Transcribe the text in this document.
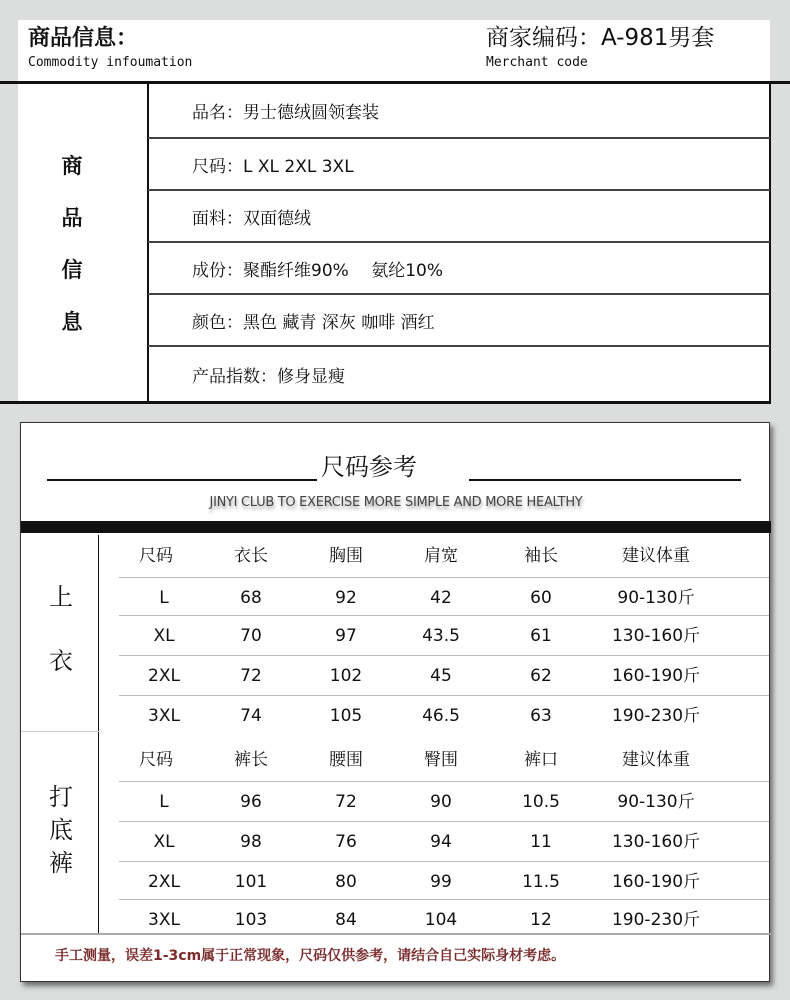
商品信息：
Commodity infoumation
商家编码：A-981男套
Merchant code
商
品
信
息
品名：男士德绒圆领套装
尺码：L XL 2XL 3XL
面料：双面德绒
成份：聚酯纤维90%　 氨纶10%
颜色：黑色 藏青 深灰 咖啡 酒红
产品指数：修身显瘦
尺码参考
JINYI CLUB TO EXERCISE MORE SIMPLE AND MORE HEALTHY
尺码	衣长	胸围	肩宽	袖长	建议体重
L	68	92	42	60	90-130斤
XL	70	97	43.5	61	130-160斤
2XL	72	102	45	62	160-190斤
3XL	74	105	46.5	63	190-230斤
上
衣
尺码	裤长	腰围	臀围	裤口	建议体重
L	96	72	90	10.5	90-130斤
XL	98	76	94	11	130-160斤
2XL	101	80	99	11.5	160-190斤
3XL	103	84	104	12	190-230斤
打
底
裤
手工测量，误差1-3cm属于正常现象，尺码仅供参考，请结合自己实际身材考虑。
